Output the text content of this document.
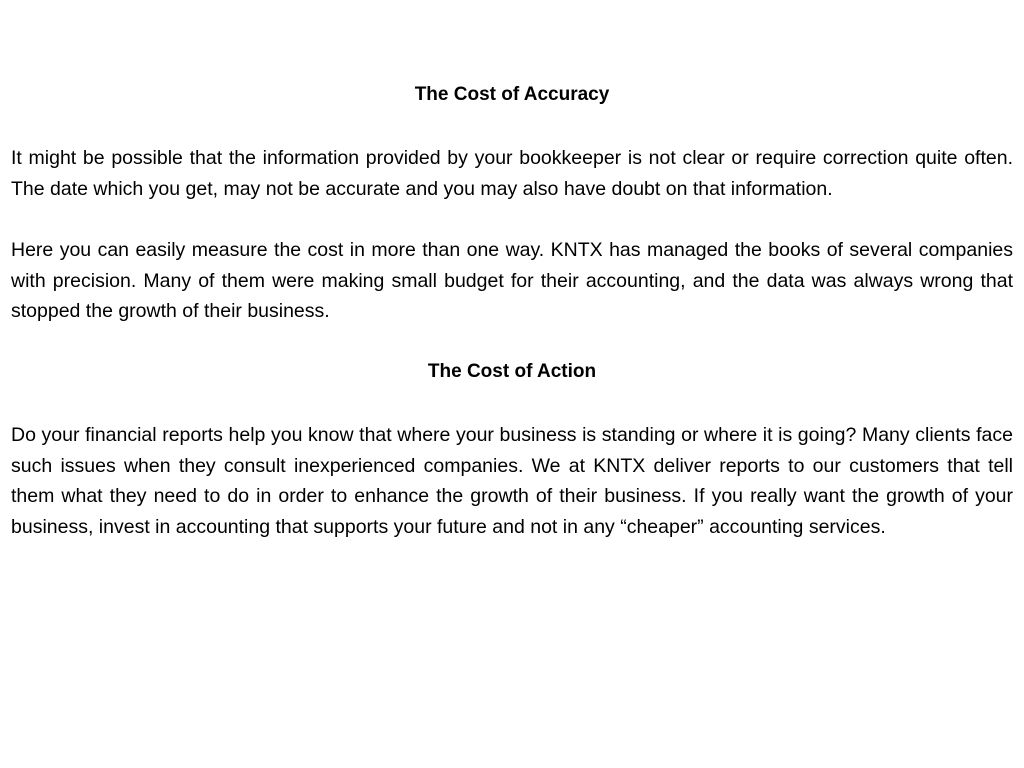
The Cost of Accuracy

It might be possible that the information provided by your bookkeeper is not clear or require correction quite often. The date which you get, may not be accurate and you may also have doubt on that information.

Here you can easily measure the cost in more than one way. KNTX has managed the books of several companies with precision. Many of them were making small budget for their accounting, and the data was always wrong that stopped the growth of their business.

The Cost of Action

Do your financial reports help you know that where your business is standing or where it is going? Many clients face such issues when they consult inexperienced companies. We at KNTX deliver reports to our customers that tell them what they need to do in order to enhance the growth of their business. If you really want the growth of your business, invest in accounting that supports your future and not in any “cheaper” accounting services.
